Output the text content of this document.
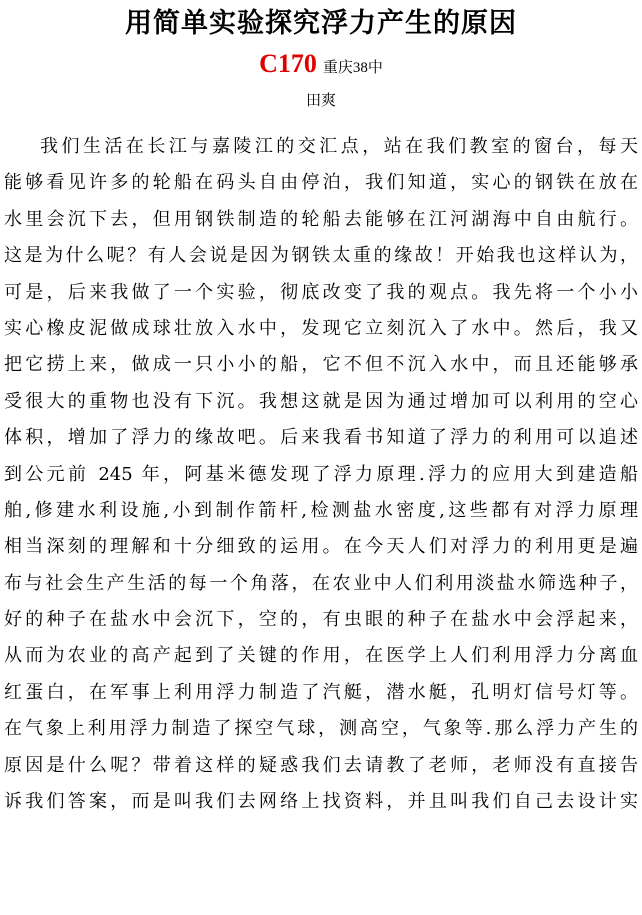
用简单实验探究浮力产生的原因
C170 重庆38中
田爽
我们生活在长江与嘉陵江的交汇点，站在我们教室的窗台，每天
能够看见许多的轮船在码头自由停泊，我们知道，实心的钢铁在放在
水里会沉下去，但用钢铁制造的轮船去能够在江河湖海中自由航行。
这是为什么呢？有人会说是因为钢铁太重的缘故！开始我也这样认为，
可是，后来我做了一个实验，彻底改变了我的观点。我先将一个小小
实心橡皮泥做成球壮放入水中，发现它立刻沉入了水中。然后，我又
把它捞上来，做成一只小小的船，它不但不沉入水中，而且还能够承
受很大的重物也没有下沉。我想这就是因为通过增加可以利用的空心
体积，增加了浮力的缘故吧。后来我看书知道了浮力的利用可以追述
到公元前 245 年，阿基米德发现了浮力原理.浮力的应用大到建造船
舶,修建水利设施,小到制作箭杆,检测盐水密度,这些都有对浮力原理
相当深刻的理解和十分细致的运用。在今天人们对浮力的利用更是遍
布与社会生产生活的每一个角落，在农业中人们利用淡盐水筛选种子，
好的种子在盐水中会沉下，空的，有虫眼的种子在盐水中会浮起来，
从而为农业的高产起到了关键的作用，在医学上人们利用浮力分离血
红蛋白，在军事上利用浮力制造了汽艇，潜水艇，孔明灯信号灯等。
在气象上利用浮力制造了探空气球，测高空，气象等.那么浮力产生的
原因是什么呢？带着这样的疑惑我们去请教了老师，老师没有直接告
诉我们答案，而是叫我们去网络上找资料，并且叫我们自己去设计实
